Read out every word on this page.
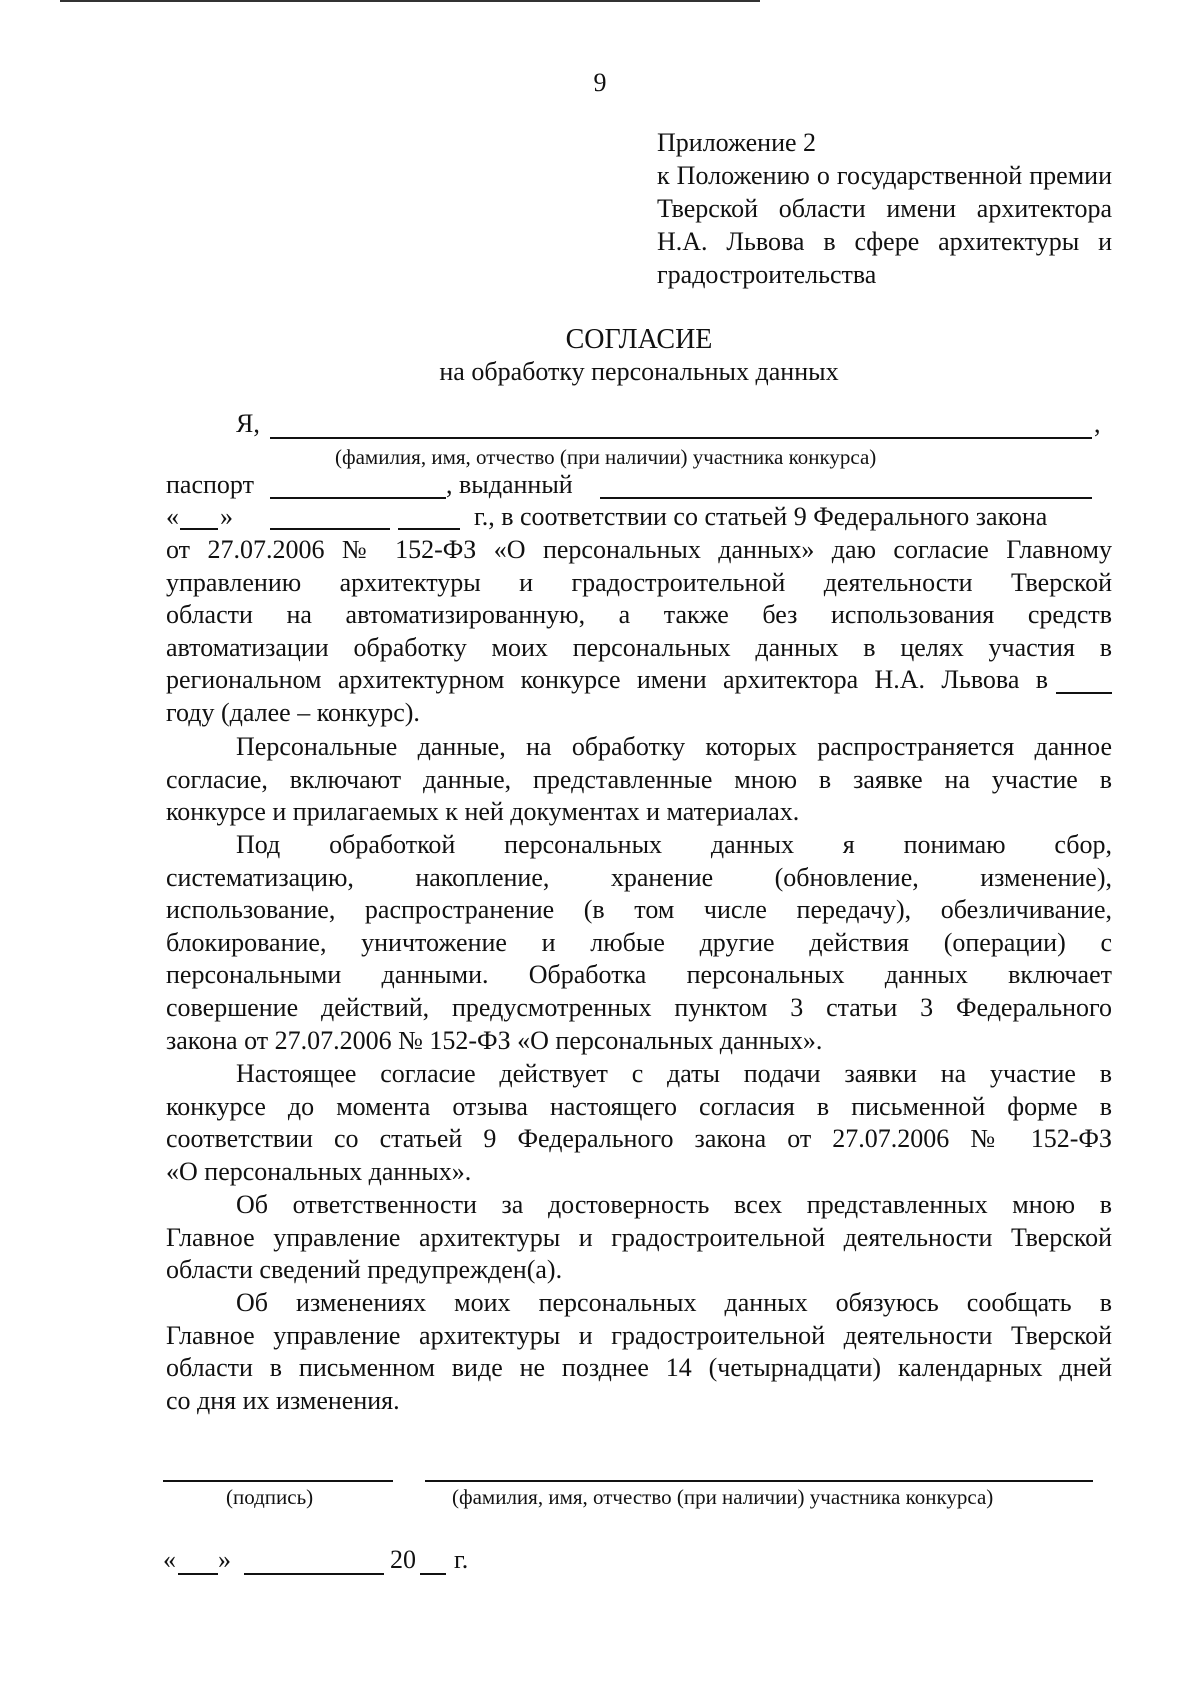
9
Приложение 2
к Положению о государственной премии Тверской области имени архитектора Н.А. Львова в сфере архитектуры и градостроительства
СОГЛАСИЕ
на обработку персональных данных
Я,	,
(фамилия, имя, отчество (при наличии) участника конкурса)
паспорт	, выданный
« »	г., в соответствии со статьей 9 Федерального закона
от 27.07.2006 № 152-ФЗ «О персональных данных» даю согласие Главному
управлению архитектуры и градостроительной деятельности Тверской
области на автоматизированную, а также без использования средств
автоматизации обработку моих персональных данных в целях участия в
региональном архитектурном конкурсе имени архитектора Н.А. Львова в
году (далее – конкурс).
Персональные данные, на обработку которых распространяется данное
согласие, включают данные, представленные мною в заявке на участие в
конкурсе и прилагаемых к ней документах и материалах.
Под обработкой персональных данных я понимаю сбор,
систематизацию, накопление, хранение (обновление, изменение),
использование, распространение (в том числе передачу), обезличивание,
блокирование, уничтожение и любые другие действия (операции) с
персональными данными. Обработка персональных данных включает
совершение действий, предусмотренных пунктом 3 статьи 3 Федерального
закона от 27.07.2006 № 152-ФЗ «О персональных данных».
Настоящее согласие действует с даты подачи заявки на участие в
конкурсе до момента отзыва настоящего согласия в письменной форме в
соответствии со статьей 9 Федерального закона от 27.07.2006 № 152-ФЗ
«О персональных данных».
Об ответственности за достоверность всех представленных мною в
Главное управление архитектуры и градостроительной деятельности Тверской
области сведений предупрежден(а).
Об изменениях моих персональных данных обязуюсь сообщать в
Главное управление архитектуры и градостроительной деятельности Тверской
области в письменном виде не позднее 14 (четырнадцати) календарных дней
со дня их изменения.
(подпись)	(фамилия, имя, отчество (при наличии) участника конкурса)
« »	20 г.
